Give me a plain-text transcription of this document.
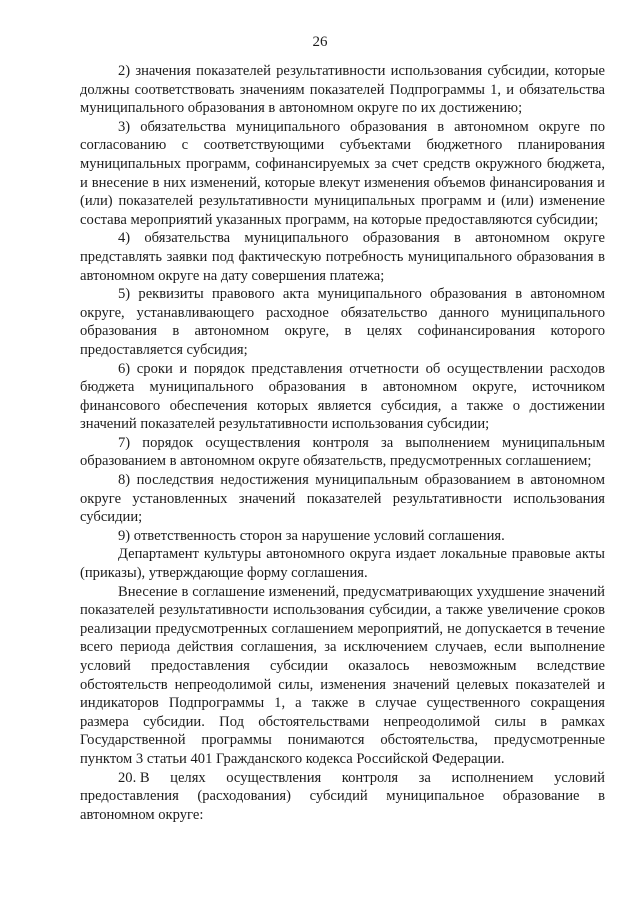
26

2) значения показателей результативности использования субсидии, которые должны соответствовать значениям показателей Подпрограммы 1, и обязательства муниципального образования в автономном округе по их достижению;

3) обязательства муниципального образования в автономном округе по согласованию с соответствующими субъектами бюджетного планирования муниципальных программ, софинансируемых за счет средств окружного бюджета, и внесение в них изменений, которые влекут изменения объемов финансирования и (или) показателей результативности муниципальных программ и (или) изменение состава мероприятий указанных программ, на которые предоставляются субсидии;

4) обязательства муниципального образования в автономном округе представлять заявки под фактическую потребность муниципального образования в автономном округе на дату совершения платежа;

5) реквизиты правового акта муниципального образования в автономном округе, устанавливающего расходное обязательство данного муниципального образования в автономном округе, в целях софинансирования которого предоставляется субсидия;

6) сроки и порядок представления отчетности об осуществлении расходов бюджета муниципального образования в автономном округе, источником финансового обеспечения которых является субсидия, а также о достижении значений показателей результативности использования субсидии;

7) порядок осуществления контроля за выполнением муниципальным образованием в автономном округе обязательств, предусмотренных соглашением;

8) последствия недостижения муниципальным образованием в автономном округе установленных значений показателей результативности использования субсидии;

9) ответственность сторон за нарушение условий соглашения.

Департамент культуры автономного округа издает локальные правовые акты (приказы), утверждающие форму соглашения.

Внесение в соглашение изменений, предусматривающих ухудшение значений показателей результативности использования субсидии, а также увеличение сроков реализации предусмотренных соглашением мероприятий, не допускается в течение всего периода действия соглашения, за исключением случаев, если выполнение условий предоставления субсидии оказалось невозможным вследствие обстоятельств непреодолимой силы, изменения значений целевых показателей и индикаторов Подпрограммы 1, а также в случае существенного сокращения размера субсидии. Под обстоятельствами непреодолимой силы в рамках Государственной программы понимаются обстоятельства, предусмотренные пунктом 3 статьи 401 Гражданского кодекса Российской Федерации.

20. В целях осуществления контроля за исполнением условий
предоставления (расходования) субсидий муниципальное образование в автономном округе:
